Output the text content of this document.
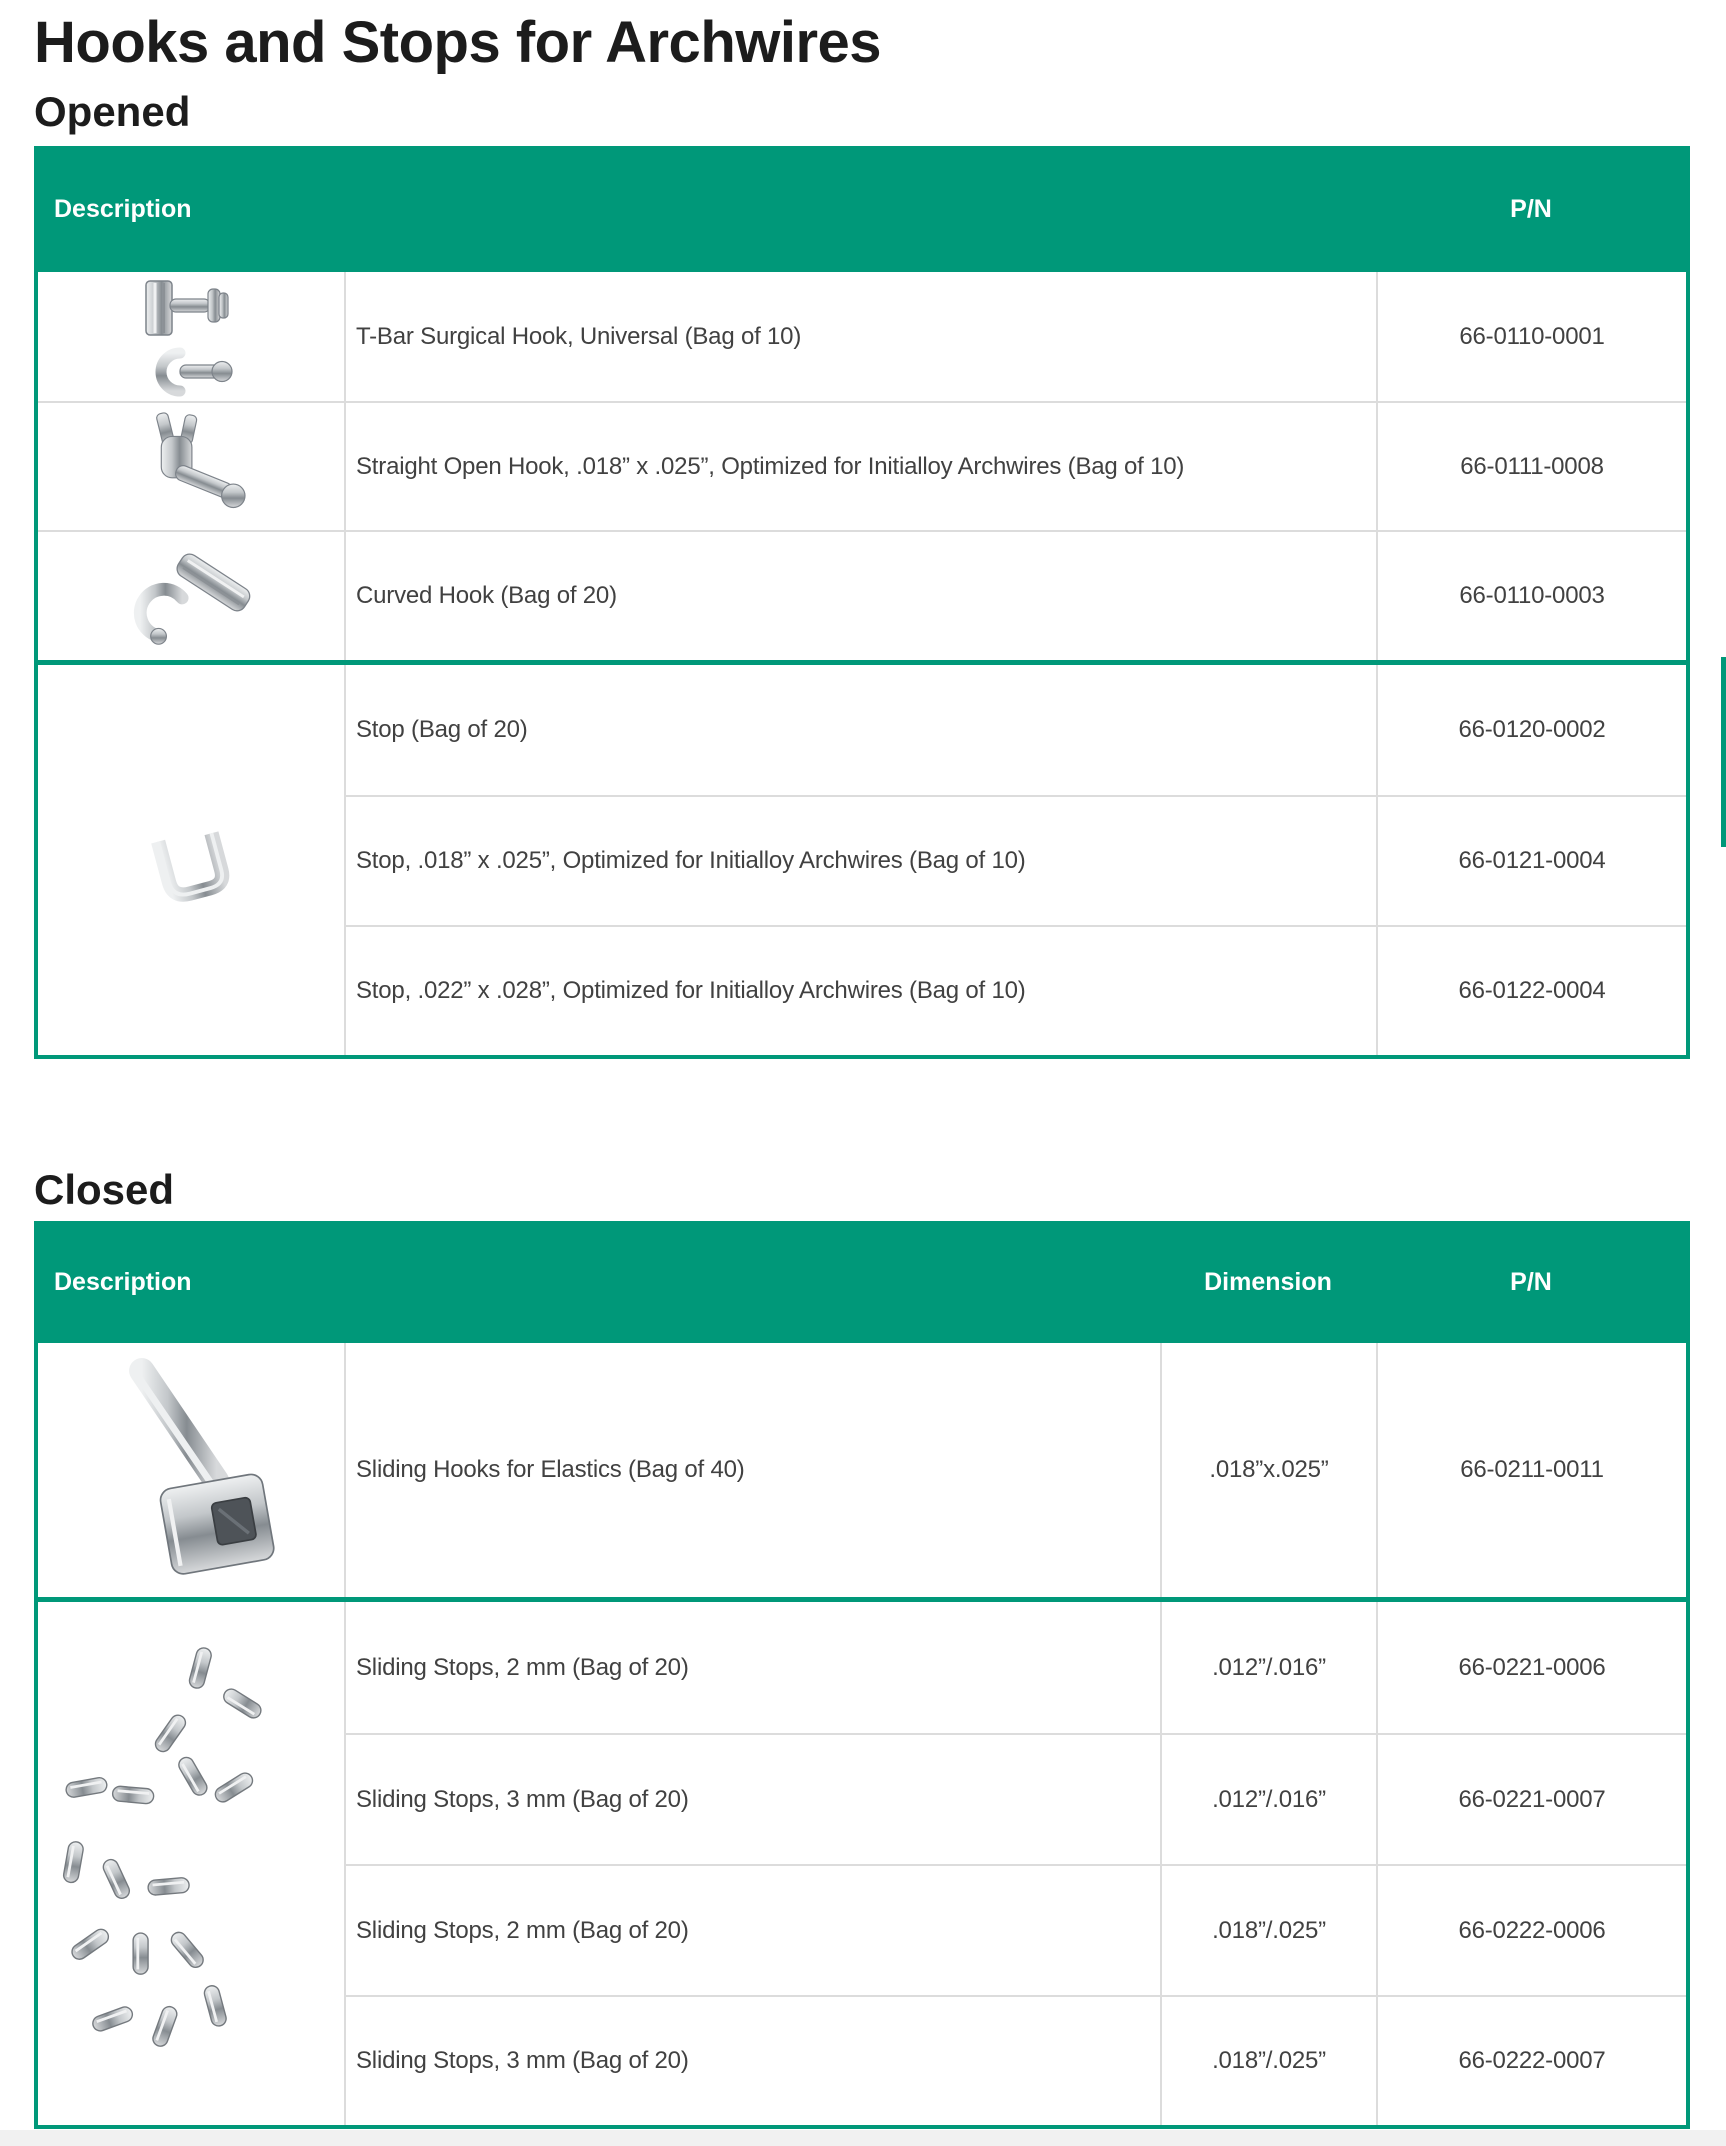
Hooks and Stops for Archwires
Opened
Description	P/N
T-Bar Surgical Hook, Universal (Bag of 10)	66-0110-0001
Straight Open Hook, .018” x .025”, Optimized for Initialloy Archwires (Bag of 10)	66-0111-0008
Curved Hook (Bag of 20)	66-0110-0003
Stop (Bag of 20)	66-0120-0002
Stop, .018” x .025”, Optimized for Initialloy Archwires (Bag of 10)	66-0121-0004
Stop, .022” x .028”, Optimized for Initialloy Archwires (Bag of 10)	66-0122-0004
Closed
Description	Dimension	P/N
Sliding Hooks for Elastics (Bag of 40)	.018”x.025”	66-0211-0011
Sliding Stops, 2 mm (Bag of 20)	.012”/.016”	66-0221-0006
Sliding Stops, 3 mm (Bag of 20)	.012”/.016”	66-0221-0007
Sliding Stops, 2 mm (Bag of 20)	.018”/.025”	66-0222-0006
Sliding Stops, 3 mm (Bag of 20)	.018”/.025”	66-0222-0007
